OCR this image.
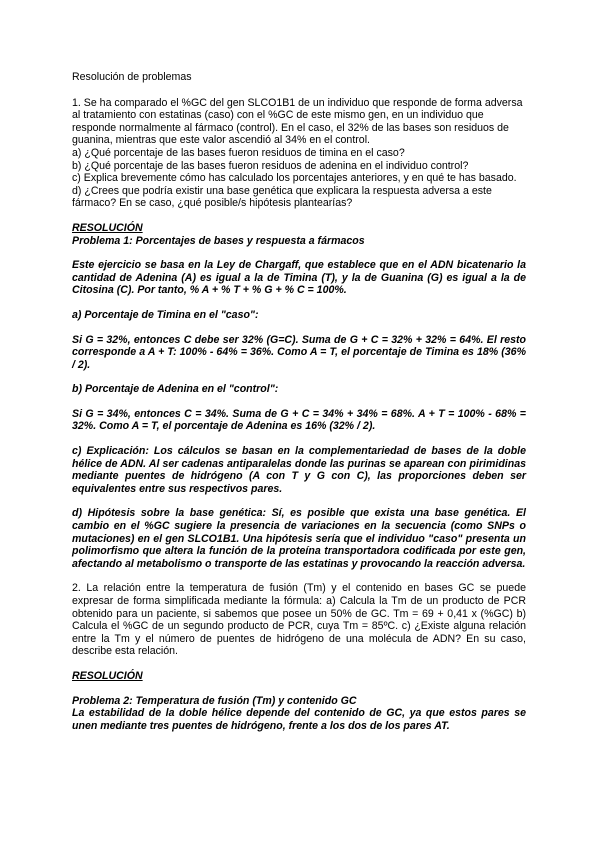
Resolución de problemas

1. Se ha comparado el %GC del gen SLCO1B1 de un individuo que responde de forma adversa al tratamiento con estatinas (caso) con el %GC de este mismo gen, en un individuo que responde normalmente al fármaco (control). En el caso, el 32% de las bases son residuos de guanina, mientras que este valor ascendió al 34% en el control.

a) ¿Qué porcentaje de las bases fueron residuos de timina en el caso?

b) ¿Qué porcentaje de las bases fueron residuos de adenina en el individuo control?

c) Explica brevemente cómo has calculado los porcentajes anteriores, y en qué te has basado.

d) ¿Crees que podría existir una base genética que explicara la respuesta adversa a este fármaco? En se caso, ¿qué posible/s hipótesis plantearías?

RESOLUCIÓN

Problema 1: Porcentajes de bases y respuesta a fármacos

Este ejercicio se basa en la Ley de Chargaff, que establece que en el ADN bicatenario la cantidad de Adenina (A) es igual a la de Timina (T), y la de Guanina (G) es igual a la de Citosina (C). Por tanto, % A + % T + % G + % C = 100%.

a) Porcentaje de Timina en el "caso":

Si G = 32%, entonces C debe ser 32% (G=C). Suma de G + C = 32% + 32% = 64%. El resto corresponde a A + T: 100% - 64% = 36%. Como A = T, el porcentaje de Timina es 18% (36% / 2).

b) Porcentaje de Adenina en el "control":

Si G = 34%, entonces C = 34%. Suma de G + C = 34% + 34% = 68%. A + T = 100% - 68% = 32%. Como A = T, el porcentaje de Adenina es 16% (32% / 2).

c) Explicación: Los cálculos se basan en la complementariedad de bases de la doble hélice de ADN. Al ser cadenas antiparalelas donde las purinas se aparean con pirimidinas mediante puentes de hidrógeno (A con T y G con C), las proporciones deben ser equivalentes entre sus respectivos pares.

d) Hipótesis sobre la base genética: Sí, es posible que exista una base genética. El cambio en el %GC sugiere la presencia de variaciones en la secuencia (como SNPs o mutaciones) en el gen SLCO1B1. Una hipótesis sería que el individuo "caso" presenta un polimorfismo que altera la función de la proteína transportadora codificada por este gen, afectando al metabolismo o transporte de las estatinas y provocando la reacción adversa.

2. La relación entre la temperatura de fusión (Tm) y el contenido en bases GC se puede expresar de forma simplificada mediante la fórmula: a) Calcula la Tm de un producto de PCR obtenido para un paciente, si sabemos que posee un 50% de GC. Tm = 69 + 0,41 x (%GC) b) Calcula el %GC de un segundo producto de PCR, cuya Tm = 85ºC. c) ¿Existe alguna relación entre la Tm y el número de puentes de hidrógeno de una molécula de ADN? En su caso, describe esta relación.

RESOLUCIÓN

Problema 2: Temperatura de fusión (Tm) y contenido GC

La estabilidad de la doble hélice depende del contenido de GC, ya que estos pares se unen mediante tres puentes de hidrógeno, frente a los dos de los pares AT.
